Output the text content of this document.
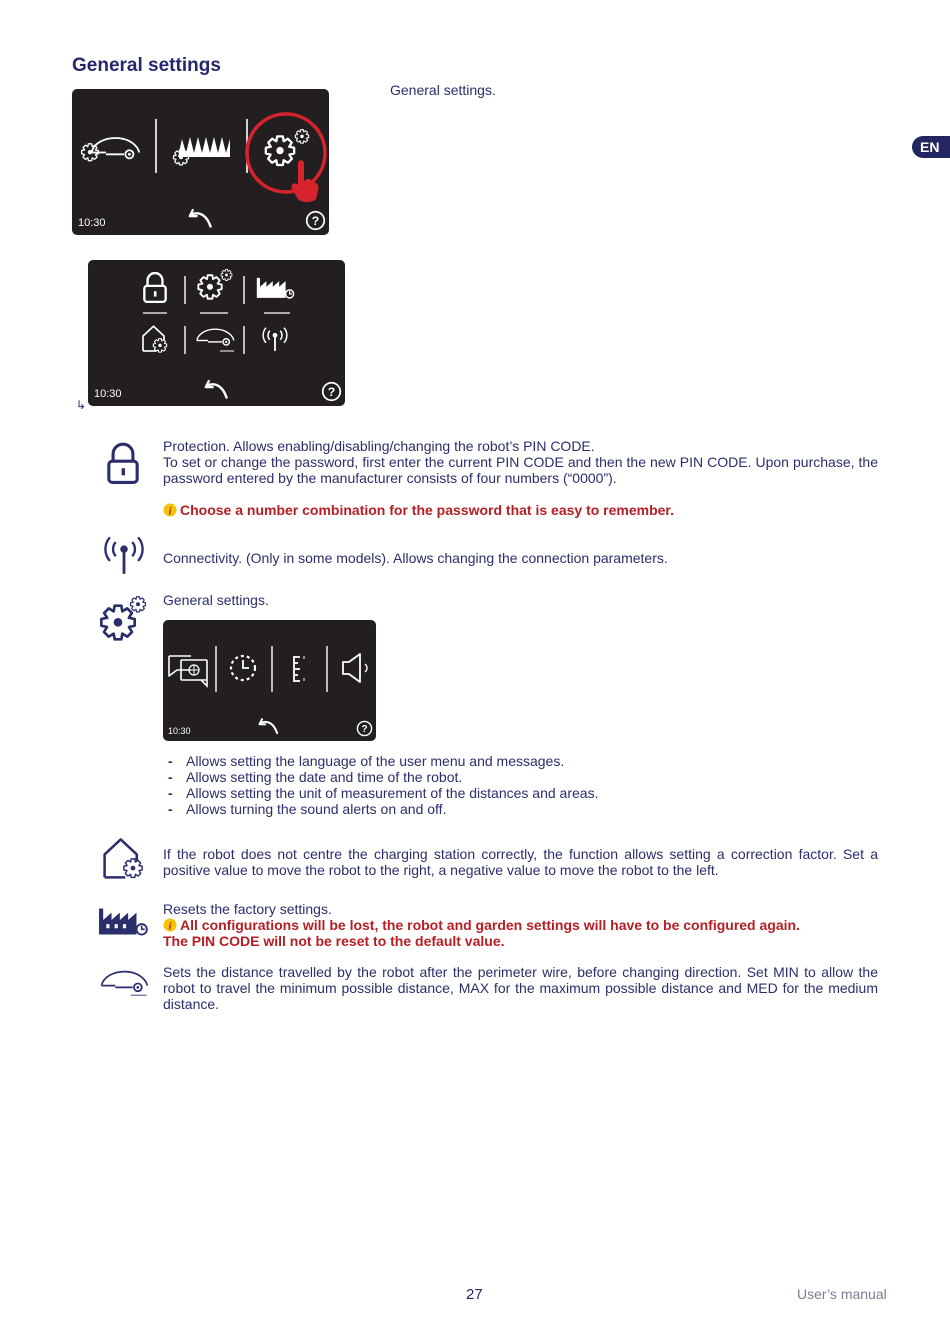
General settings
General settings.
EN
10:30
10:30
↳
Protection. Allows enabling/disabling/changing the robot’s PIN CODE.
To set or change the password, first enter the current PIN CODE and then the new PIN CODE. Upon purchase, the password entered by the manufacturer consists of four numbers (“0000”).
i Choose a number combination for the password that is easy to remember.
Connectivity. (Only in some models). Allows changing the connection parameters.
General settings.
10:30
- Allows setting the language of the user menu and messages.
- Allows setting the date and time of the robot.
- Allows setting the unit of measurement of the distances and areas.
- Allows turning the sound alerts on and off.
If the robot does not centre the charging station correctly, the function allows setting a correction factor. Set a positive value to move the robot to the right, a negative value to move the robot to the left.
Resets the factory settings.
i All configurations will be lost, the robot and garden settings will have to be configured again. The PIN CODE will not be reset to the default value.
Sets the distance travelled by the robot after the perimeter wire, before changing direction. Set MIN to allow the robot to travel the minimum possible distance, MAX for the maximum possible distance and MED for the medium distance.
27	User’s manual
